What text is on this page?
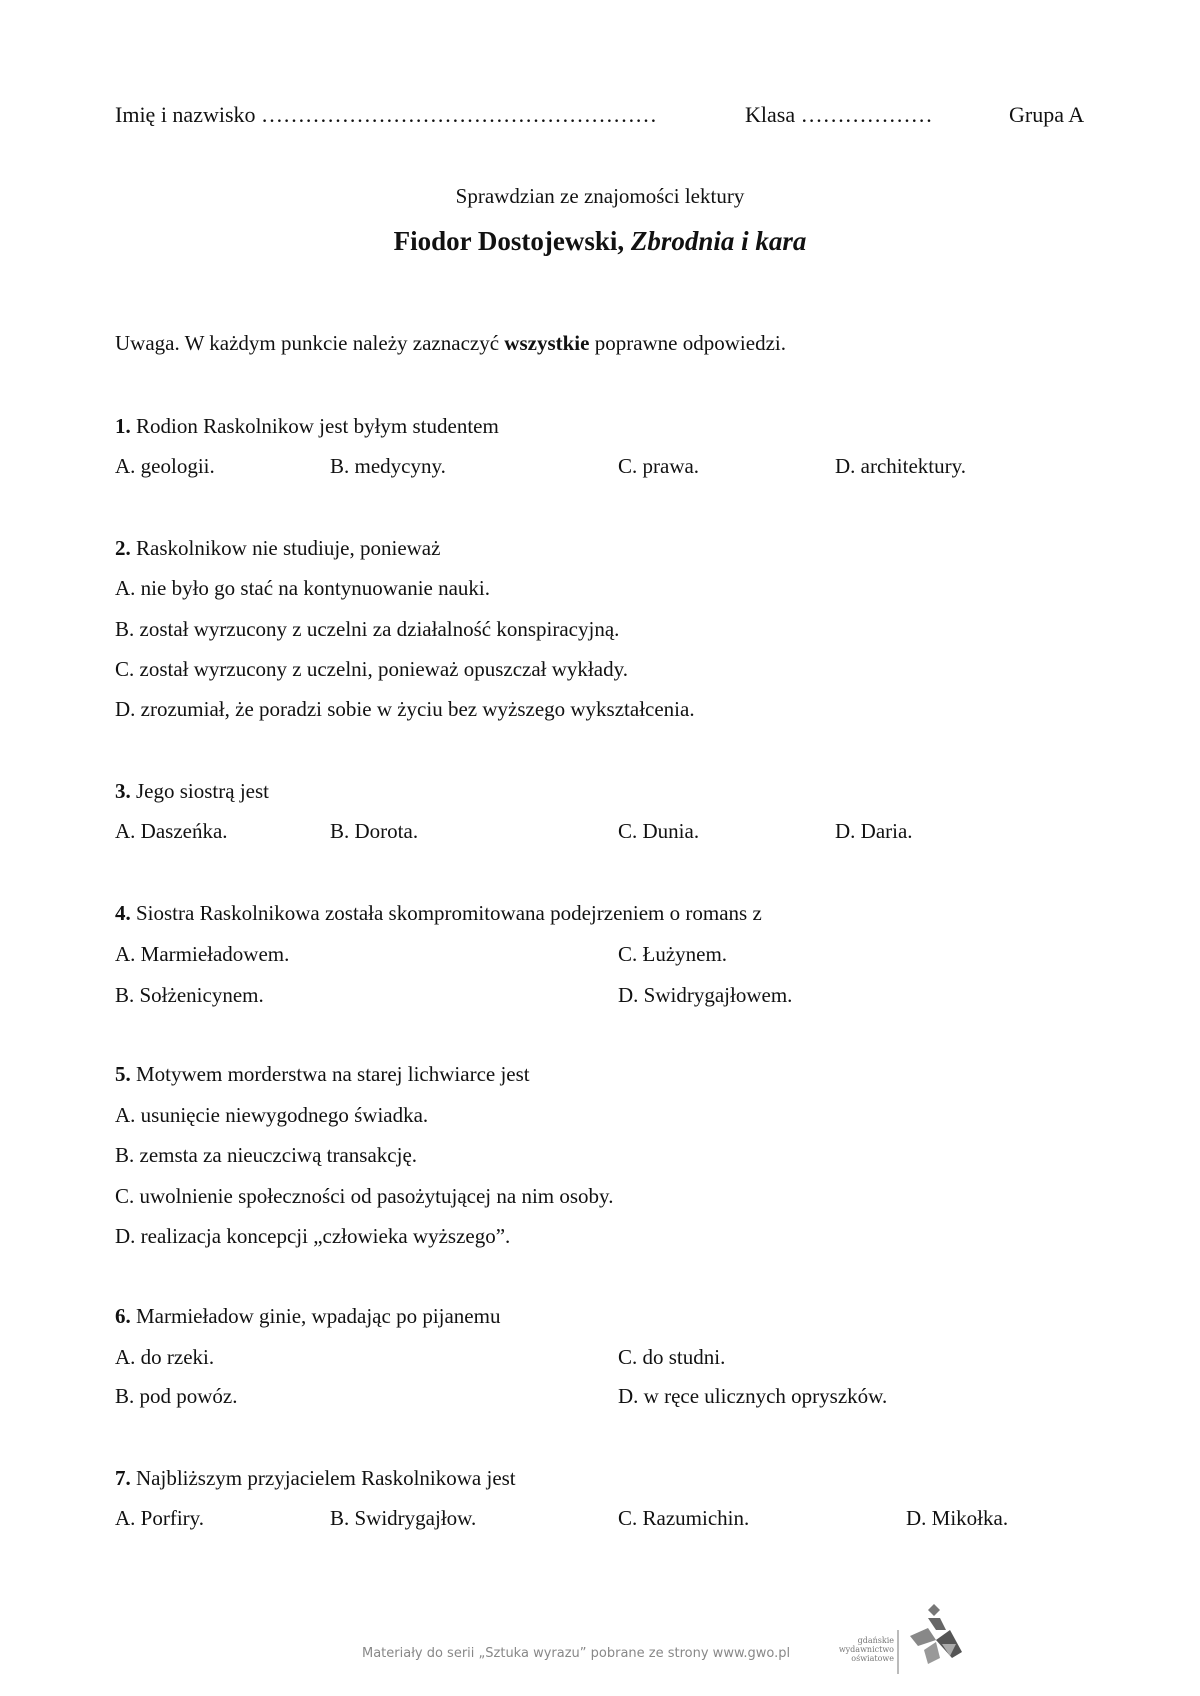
Imię i nazwisko ………………………………………………	Klasa ………………	Grupa A
Sprawdzian ze znajomości lektury
Fiodor Dostojewski, Zbrodnia i kara
Uwaga. W każdym punkcie należy zaznaczyć wszystkie poprawne odpowiedzi.
1. Rodion Raskolnikow jest byłym studentem
A. geologii.	B. medycyny.	C. prawa.	D. architektury.
2. Raskolnikow nie studiuje, ponieważ
A. nie było go stać na kontynuowanie nauki.
B. został wyrzucony z uczelni za działalność konspiracyjną.
C. został wyrzucony z uczelni, ponieważ opuszczał wykłady.
D. zrozumiał, że poradzi sobie w życiu bez wyższego wykształcenia.
3. Jego siostrą jest
A. Daszeńka.	B. Dorota.	C. Dunia.	D. Daria.
4. Siostra Raskolnikowa została skompromitowana podejrzeniem o romans z
A. Marmieładowem.	C. Łużynem.
B. Sołżenicynem.	D. Swidrygajłowem.
5. Motywem morderstwa na starej lichwiarce jest
A. usunięcie niewygodnego świadka.
B. zemsta za nieuczciwą transakcję.
C. uwolnienie społeczności od pasożytującej na nim osoby.
D. realizacja koncepcji „człowieka wyższego”.
6. Marmieładow ginie, wpadając po pijanemu
A. do rzeki.	C. do studni.
B. pod powóz.	D. w ręce ulicznych opryszków.
7. Najbliższym przyjacielem Raskolnikowa jest
A. Porfiry.	B. Swidrygajłow.	C. Razumichin.	D. Mikołka.
Materiały do serii „Sztuka wyrazu” pobrane ze strony www.gwo.pl
gdańskie
wydawnictwo
oświatowe
